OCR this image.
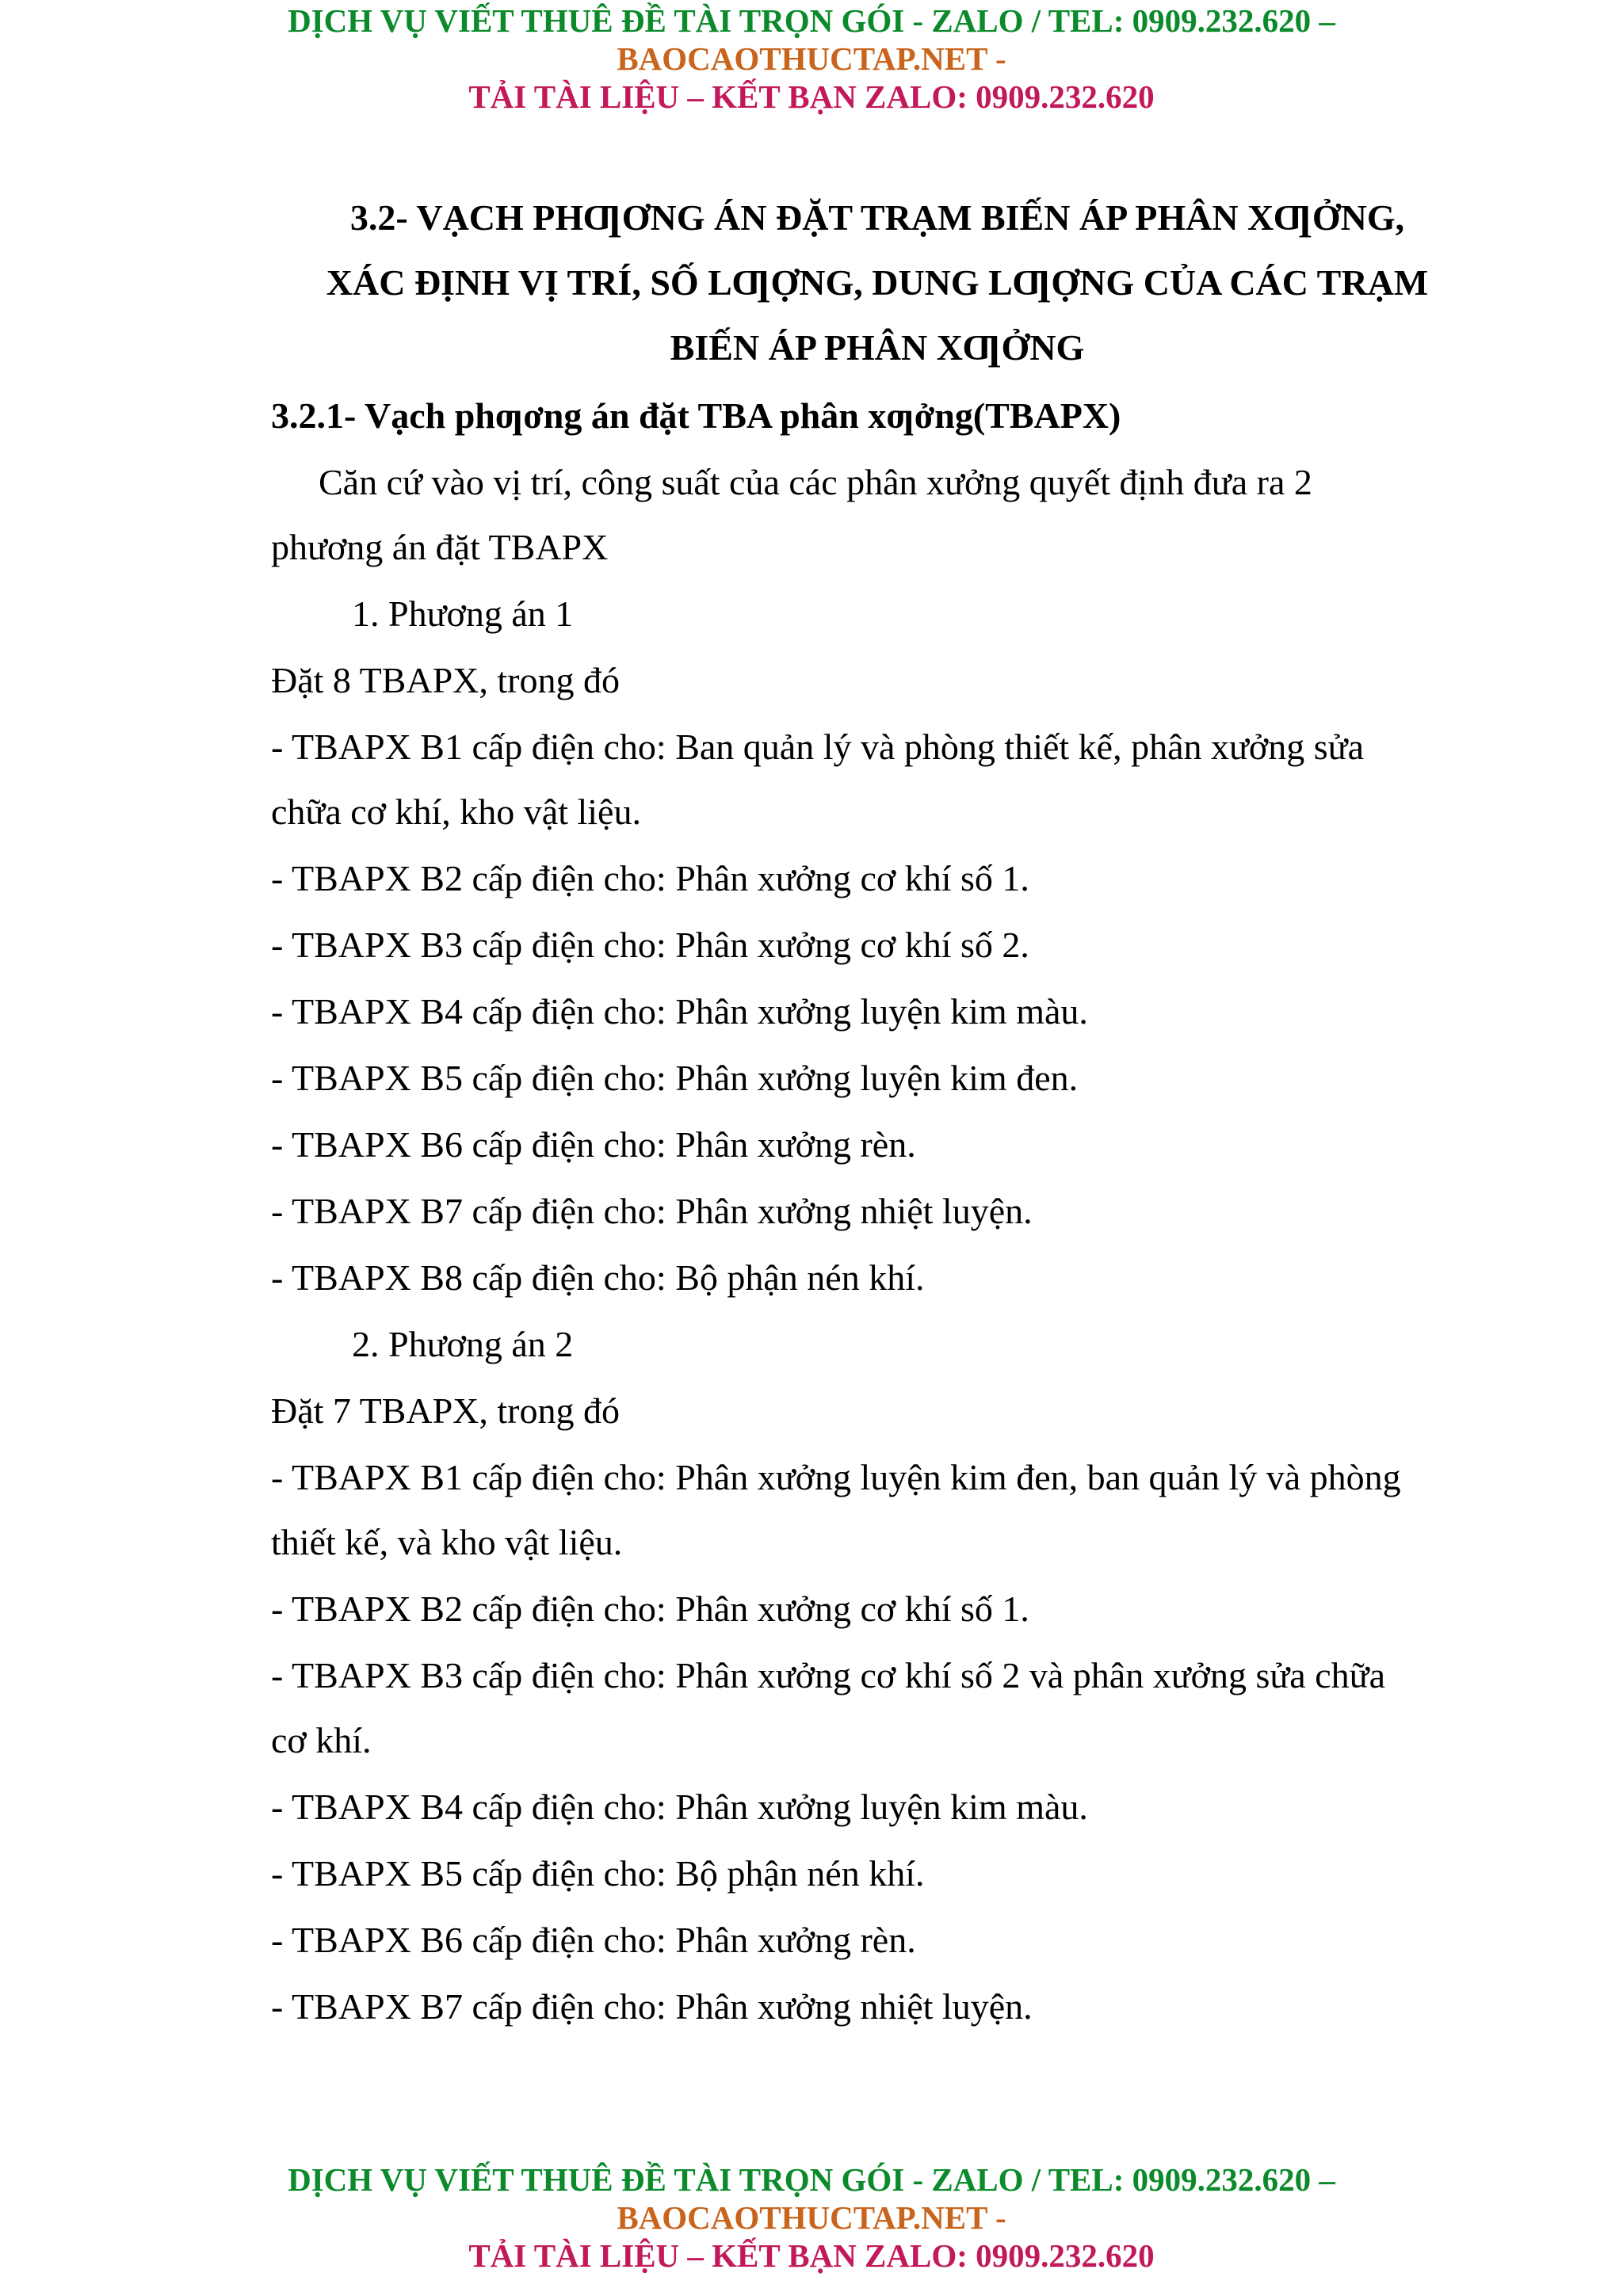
DỊCH VỤ VIẾT THUÊ ĐỀ TÀI TRỌN GÓI - ZALO / TEL: 0909.232.620 –
BAOCAOTHUCTAP.NET -
TẢI TÀI LIỆU – KẾT BẠN ZALO: 0909.232.620

3.2- VẠCH PHƢƠNG ÁN ĐẶT TRẠM BIẾN ÁP PHÂN XƢỞNG,

XÁC ĐỊNH VỊ TRÍ, SỐ LƢỢNG, DUNG LƢỢNG CỦA CÁC TRẠM

BIẾN ÁP PHÂN XƢỞNG

3.2.1- Vạch phƣơng án đặt TBA phân xƣởng(TBAPX)

Căn cứ vào vị trí, công suất của các phân xưởng quyết định đưa ra 2

phương án đặt TBAPX

1. Phương án 1

Đặt 8 TBAPX, trong đó

- TBAPX B1 cấp điện cho: Ban quản lý và phòng thiết kế, phân xưởng sửa

chữa cơ khí, kho vật liệu.

- TBAPX B2 cấp điện cho: Phân xưởng cơ khí số 1.

- TBAPX B3 cấp điện cho: Phân xưởng cơ khí số 2.

- TBAPX B4 cấp điện cho: Phân xưởng luyện kim màu.

- TBAPX B5 cấp điện cho: Phân xưởng luyện kim đen.

- TBAPX B6 cấp điện cho: Phân xưởng rèn.

- TBAPX B7 cấp điện cho: Phân xưởng nhiệt luyện.

- TBAPX B8 cấp điện cho: Bộ phận nén khí.

2. Phương án 2

Đặt 7 TBAPX, trong đó

- TBAPX B1 cấp điện cho: Phân xưởng luyện kim đen, ban quản lý và phòng

thiết kế, và kho vật liệu.

- TBAPX B2 cấp điện cho: Phân xưởng cơ khí số 1.

- TBAPX B3 cấp điện cho: Phân xưởng cơ khí số 2 và phân xưởng sửa chữa

cơ khí.

- TBAPX B4 cấp điện cho: Phân xưởng luyện kim màu.

- TBAPX B5 cấp điện cho: Bộ phận nén khí.

- TBAPX B6 cấp điện cho: Phân xưởng rèn.

- TBAPX B7 cấp điện cho: Phân xưởng nhiệt luyện.

DỊCH VỤ VIẾT THUÊ ĐỀ TÀI TRỌN GÓI - ZALO / TEL: 0909.232.620 –
BAOCAOTHUCTAP.NET -
TẢI TÀI LIỆU – KẾT BẠN ZALO: 0909.232.620
